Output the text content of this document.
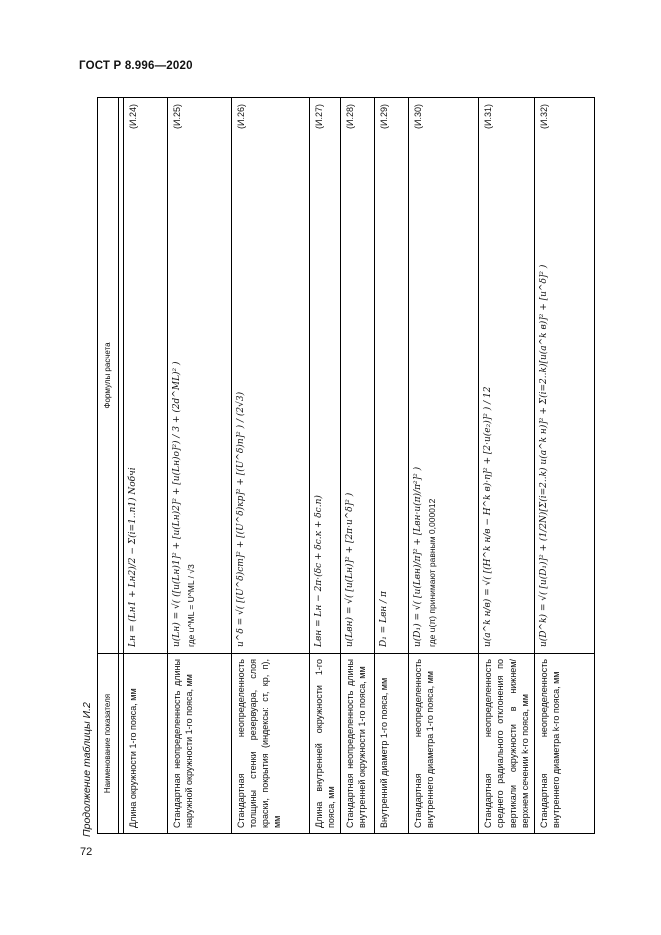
ГОСТ Р 8.996—2020
72
Продолжение таблицы И.2 Наименование показателя	Формулы расчета

Длина окружности 1-го пояса, мм	Lн = (Lн1 + Lн2)/2 − Σ(i=1..n1) Nобчi
(И.24)

Стандартная неопределенность длины наружной окружности 1-го пояса, мм	u(Lн) = √( ([u(Lн)1]² + [u(Lн)2]² + [u(Lн)о]²) / 3 + (2d^ML)² )
(И.25)
где u^ML = U^ML / √3

Стандартная неопределенность толщины стенки резервуара, слоя краски, покрытия (индексы: ст, кр, п), мм	u^δ = √( [(U^δ)ст]² + [(U^δ)кр]² + [(U^δ)п]² ) / (2√3)
(И.26)

Длина внутренней окружности 1-го пояса, мм	Lвн = Lн − 2π·(δс + δс.к + δс.п)
(И.27)

Стандартная неопределенность длины внутренней окружности 1-го пояса, мм	u(Lвн) = √( [u(Lн)]² + [2π·u^δ]² )
(И.28)

Внутренний диаметр 1-го пояса, мм	D₁ = Lвн / π
(И.29)

Стандартная неопределенность внутреннего диаметра 1-го пояса, мм	u(D₁) = √( [u(Lвн)/π]² + [Lвн·u(π)/π²]² )
(И.30)
где u(π) принимают равным 0,000012

Стандартная неопределенность среднего радиального отклонения по вертикали окружности в нижнем/верхнем сечении k-го пояса, мм	u(a^k н/в) = √( [(H^k н/в − H^k в)·η]² + [2·u(e₂)]² ) / 12
(И.31)

Стандартная неопределенность внутреннего диаметра k-го пояса, мм	u(D^k) = √( [u(D₁)]² + (1/2N)[Σ(i=2..k) u(a^k н)]² + Σ(i=2..k)[u(a^k в)]² + [u^δ]² )
(И.32)
